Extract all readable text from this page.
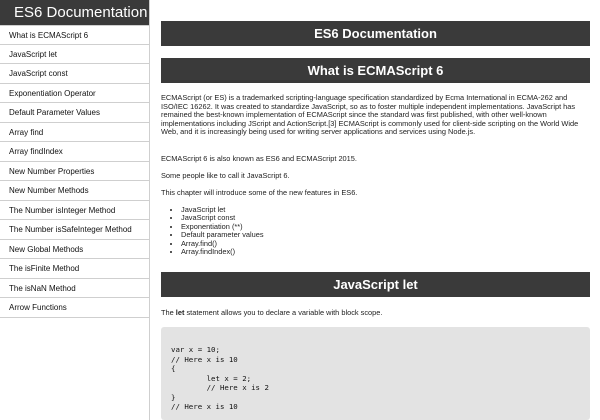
ES6 Documentation
What is ECMAScript 6
JavaScript let
JavaScript const
Exponentiation Operator
Default Parameter Values
Array find
Array findIndex
New Number Properties
New Number Methods
The Number isInteger Method
The Number isSafeInteger Method
New Global Methods
The isFinite Method
The isNaN Method
Arrow Functions
ES6 Documentation
What is ECMAScript 6
ECMAScript (or ES) is a trademarked scripting-language specification standardized by Ecma International in ECMA-262 and ISO/IEC 16262. It was created to standardize JavaScript, so as to foster multiple independent implementations. JavaScript has remained the best-known implementation of ECMAScript since the standard was first published, with other well-known implementations including JScript and ActionScript.[3] ECMAScript is commonly used for client-side scripting on the World Wide Web, and it is increasingly being used for writing server applications and services using Node.js.
ECMAScript 6 is also known as ES6 and ECMAScript 2015.
Some people like to call it JavaScript 6.
This chapter will introduce some of the new features in ES6.
• JavaScript let
• JavaScript const
• Exponentiation (**)
• Default parameter values
• Array.find()
• Array.findIndex()
JavaScript let
The let statement allows you to declare a variable with block scope.
var x = 10;
// Here x is 10
{
let x = 2;
// Here x is 2
}
// Here x is 10
